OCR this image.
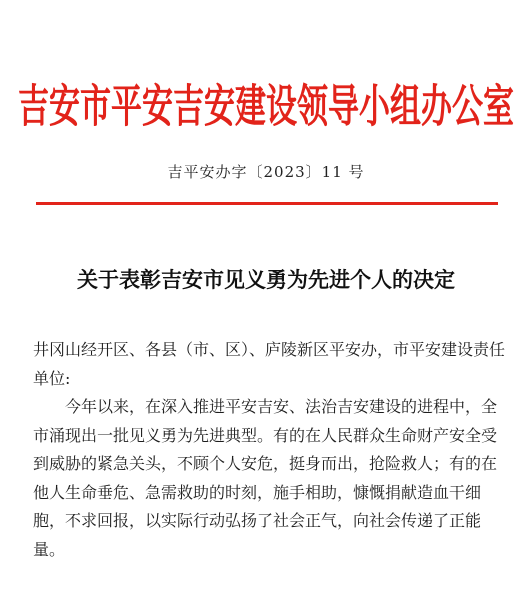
吉安市平安吉安建设领导小组办公室
吉平安办字〔2023〕11 号
关于表彰吉安市见义勇为先进个人的决定

井冈山经开区、各县（市、区）、庐陵新区平安办，市平安建设责任单位:

今年以来，在深入推进平安吉安、法治吉安建设的进程中，全市涌现出一批见义勇为先进典型。有的在人民群众生命财产安全受到威胁的紧急关头，不顾个人安危，挺身而出，抢险救人；有的在他人生命垂危、急需救助的时刻，施手相助，慷慨捐献造血干细胞，不求回报，以实际行动弘扬了社会正气，向社会传递了正能量。
